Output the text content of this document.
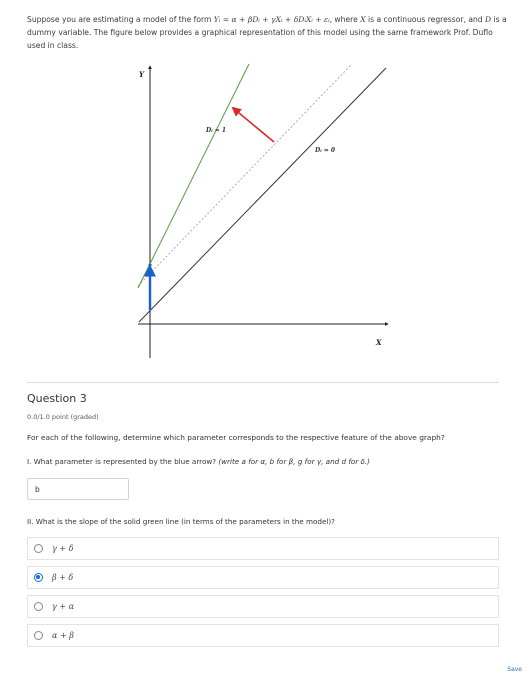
Suppose you are estimating a model of the form Yᵢ = α + βDᵢ + γXᵢ + δDᵢXᵢ + εᵢ, where X is a continuous regressor, and D is a dummy variable. The figure below provides a graphical representation of this model using the same framework Prof. Duflo used in class.
Y
X
Dᵢ = 1
Dᵢ = 0
Question 3
0.0/1.0 point (graded)
For each of the following, determine which parameter corresponds to the respective feature of the above graph?
I. What parameter is represented by the blue arrow? (write a for α, b for β, g for γ, and d for δ.)
b
II. What is the slope of the solid green line (in terms of the parameters in the model)?
γ + δ
β + δ
γ + α
α + β
Save
